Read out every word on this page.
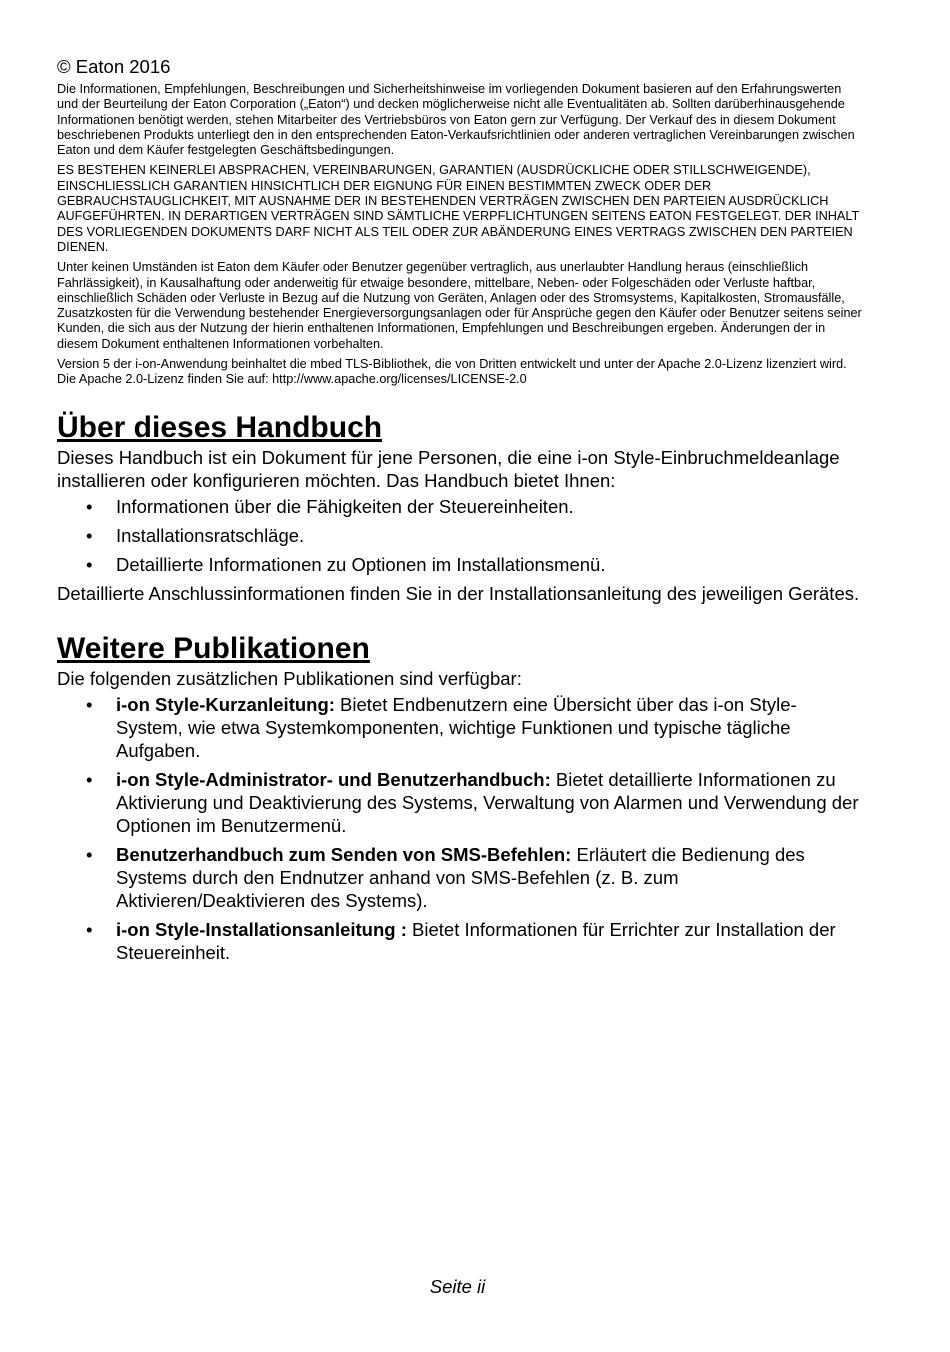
© Eaton 2016

Die Informationen, Empfehlungen, Beschreibungen und Sicherheitshinweise im vorliegenden Dokument basieren auf den Erfahrungswerten und der Beurteilung der Eaton Corporation („Eaton“) und decken möglicherweise nicht alle Eventualitäten ab. Sollten darüberhinausgehende Informationen benötigt werden, stehen Mitarbeiter des Vertriebsbüros von Eaton gern zur Verfügung. Der Verkauf des in diesem Dokument beschriebenen Produkts unterliegt den in den entsprechenden Eaton-Verkaufsrichtlinien oder anderen vertraglichen Vereinbarungen zwischen Eaton und dem Käufer festgelegten Geschäftsbedingungen.

ES BESTEHEN KEINERLEI ABSPRACHEN, VEREINBARUNGEN, GARANTIEN (AUSDRÜCKLICHE ODER STILLSCHWEIGENDE), EINSCHLIESSLICH GARANTIEN HINSICHTLICH DER EIGNUNG FÜR EINEN BESTIMMTEN ZWECK ODER DER GEBRAUCHSTAUGLICHKEIT, MIT AUSNAHME DER IN BESTEHENDEN VERTRÄGEN ZWISCHEN DEN PARTEIEN AUSDRÜCKLICH AUFGEFÜHRTEN. IN DERARTIGEN VERTRÄGEN SIND SÄMTLICHE VERPFLICHTUNGEN SEITENS EATON FESTGELEGT. DER INHALT DES VORLIEGENDEN DOKUMENTS DARF NICHT ALS TEIL ODER ZUR ABÄNDERUNG EINES VERTRAGS ZWISCHEN DEN PARTEIEN DIENEN.

Unter keinen Umständen ist Eaton dem Käufer oder Benutzer gegenüber vertraglich, aus unerlaubter Handlung heraus (einschließlich Fahrlässigkeit), in Kausalhaftung oder anderweitig für etwaige besondere, mittelbare, Neben- oder Folgeschäden oder Verluste haftbar, einschließlich Schäden oder Verluste in Bezug auf die Nutzung von Geräten, Anlagen oder des Stromsystems, Kapitalkosten, Stromausfälle, Zusatzkosten für die Verwendung bestehender Energieversorgungsanlagen oder für Ansprüche gegen den Käufer oder Benutzer seitens seiner Kunden, die sich aus der Nutzung der hierin enthaltenen Informationen, Empfehlungen und Beschreibungen ergeben. Änderungen der in diesem Dokument enthaltenen Informationen vorbehalten.

Version 5 der i-on-Anwendung beinhaltet die mbed TLS-Bibliothek, die von Dritten entwickelt und unter der Apache 2.0-Lizenz lizenziert wird. Die Apache 2.0-Lizenz finden Sie auf: http://www.apache.org/licenses/LICENSE-2.0

Über dieses Handbuch

Dieses Handbuch ist ein Dokument für jene Personen, die eine i-on Style-Einbruchmeldeanlage installieren oder konfigurieren möchten. Das Handbuch bietet Ihnen:

• Informationen über die Fähigkeiten der Steuereinheiten.
• Installationsratschläge.
• Detaillierte Informationen zu Optionen im Installationsmenü.

Detaillierte Anschlussinformationen finden Sie in der Installationsanleitung des jeweiligen Gerätes.

Weitere Publikationen

Die folgenden zusätzlichen Publikationen sind verfügbar:

• i-on Style-Kurzanleitung: Bietet Endbenutzern eine Übersicht über das i-on Style-System, wie etwa Systemkomponenten, wichtige Funktionen und typische tägliche Aufgaben.
• i-on Style-Administrator- und Benutzerhandbuch: Bietet detaillierte Informationen zu Aktivierung und Deaktivierung des Systems, Verwaltung von Alarmen und Verwendung der Optionen im Benutzermenü.
• Benutzerhandbuch zum Senden von SMS-Befehlen: Erläutert die Bedienung des Systems durch den Endnutzer anhand von SMS-Befehlen (z. B. zum Aktivieren/Deaktivieren des Systems).
• i-on Style-Installationsanleitung : Bietet Informationen für Errichter zur Installation der Steuereinheit.
Seite ii
